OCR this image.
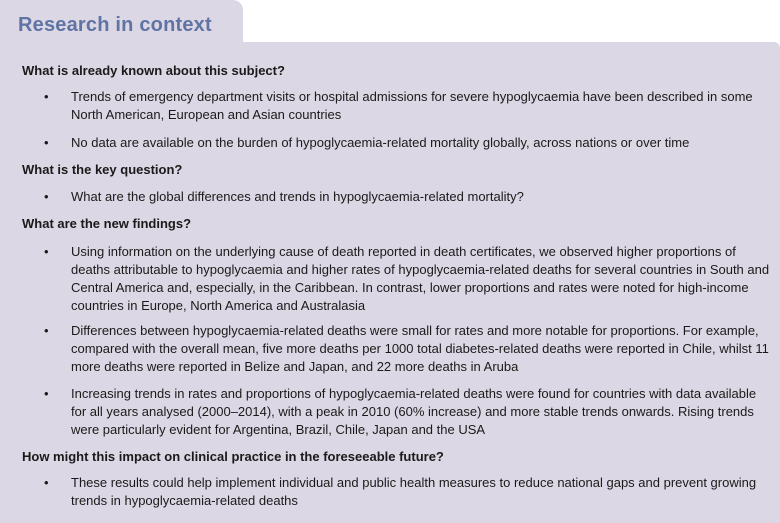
Research in context
What is already known about this subject?
• Trends of emergency department visits or hospital admissions for severe hypoglycaemia have been described in some North American, European and Asian countries
• No data are available on the burden of hypoglycaemia-related mortality globally, across nations or over time
What is the key question?
• What are the global differences and trends in hypoglycaemia-related mortality?
What are the new findings?
• Using information on the underlying cause of death reported in death certificates, we observed higher proportions of deaths attributable to hypoglycaemia and higher rates of hypoglycaemia-related deaths for several countries in South and Central America and, especially, in the Caribbean. In contrast, lower proportions and rates were noted for high-income countries in Europe, North America and Australasia
• Differences between hypoglycaemia-related deaths were small for rates and more notable for proportions. For example, compared with the overall mean, five more deaths per 1000 total diabetes-related deaths were reported in Chile, whilst 11 more deaths were reported in Belize and Japan, and 22 more deaths in Aruba
• Increasing trends in rates and proportions of hypoglycaemia-related deaths were found for countries with data available for all years analysed (2000–2014), with a peak in 2010 (60% increase) and more stable trends onwards. Rising trends were particularly evident for Argentina, Brazil, Chile, Japan and the USA
How might this impact on clinical practice in the foreseeable future?
• These results could help implement individual and public health measures to reduce national gaps and prevent growing trends in hypoglycaemia-related deaths
